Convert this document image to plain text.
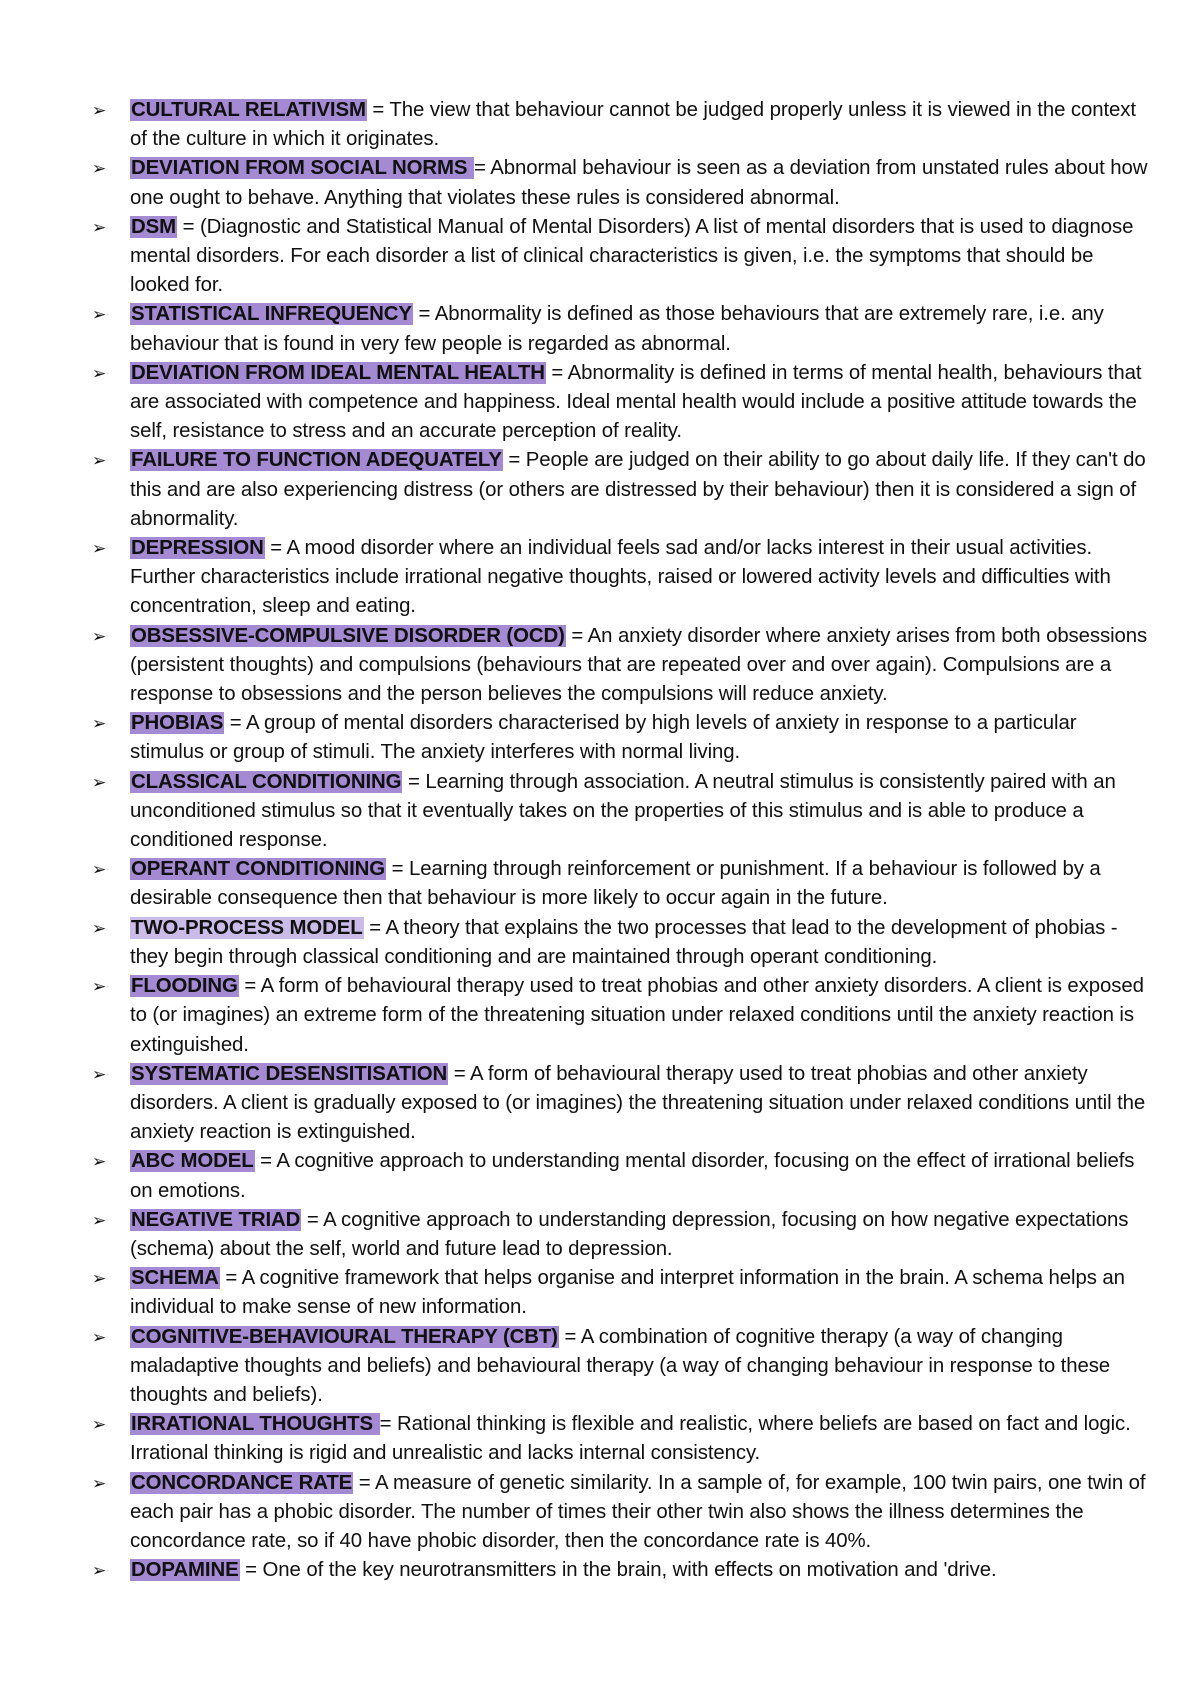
➢	CULTURAL RELATIVISM = The view that behaviour cannot be judged properly unless it is viewed in the context of the culture in which it originates.
➢	DEVIATION FROM SOCIAL NORMS = Abnormal behaviour is seen as a deviation from unstated rules about how one ought to behave. Anything that violates these rules is considered abnormal.
➢	DSM = (Diagnostic and Statistical Manual of Mental Disorders) A list of mental disorders that is used to diagnose mental disorders. For each disorder a list of clinical characteristics is given, i.e. the symptoms that should be looked for.
➢	STATISTICAL INFREQUENCY = Abnormality is defined as those behaviours that are extremely rare, i.e. any behaviour that is found in very few people is regarded as abnormal.
➢	DEVIATION FROM IDEAL MENTAL HEALTH = Abnormality is defined in terms of mental health, behaviours that are associated with competence and happiness. Ideal mental health would include a positive attitude towards the self, resistance to stress and an accurate perception of reality.
➢	FAILURE TO FUNCTION ADEQUATELY = People are judged on their ability to go about daily life. If they can't do this and are also experiencing distress (or others are distressed by their behaviour) then it is considered a sign of abnormality.
➢	DEPRESSION = A mood disorder where an individual feels sad and/or lacks interest in their usual activities. Further characteristics include irrational negative thoughts, raised or lowered activity levels and difficulties with concentration, sleep and eating.
➢	OBSESSIVE-COMPULSIVE DISORDER (OCD) = An anxiety disorder where anxiety arises from both obsessions (persistent thoughts) and compulsions (behaviours that are repeated over and over again). Compulsions are a response to obsessions and the person believes the compulsions will reduce anxiety.
➢	PHOBIAS = A group of mental disorders characterised by high levels of anxiety in response to a particular stimulus or group of stimuli. The anxiety interferes with normal living.
➢	CLASSICAL CONDITIONING = Learning through association. A neutral stimulus is consistently paired with an unconditioned stimulus so that it eventually takes on the properties of this stimulus and is able to produce a conditioned response.
➢	OPERANT CONDITIONING = Learning through reinforcement or punishment. If a behaviour is followed by a desirable consequence then that behaviour is more likely to occur again in the future.
➢	TWO-PROCESS MODEL = A theory that explains the two processes that lead to the development of phobias - they begin through classical conditioning and are maintained through operant conditioning.
➢	FLOODING = A form of behavioural therapy used to treat phobias and other anxiety disorders. A client is exposed to (or imagines) an extreme form of the threatening situation under relaxed conditions until the anxiety reaction is extinguished.
➢	SYSTEMATIC DESENSITISATION = A form of behavioural therapy used to treat phobias and other anxiety disorders. A client is gradually exposed to (or imagines) the threatening situation under relaxed conditions until the anxiety reaction is extinguished.
➢	ABC MODEL = A cognitive approach to understanding mental disorder, focusing on the effect of irrational beliefs on emotions.
➢	NEGATIVE TRIAD = A cognitive approach to understanding depression, focusing on how negative expectations (schema) about the self, world and future lead to depression.
➢	SCHEMA = A cognitive framework that helps organise and interpret information in the brain. A schema helps an individual to make sense of new information.
➢	COGNITIVE-BEHAVIOURAL THERAPY (CBT) = A combination of cognitive therapy (a way of changing maladaptive thoughts and beliefs) and behavioural therapy (a way of changing behaviour in response to these thoughts and beliefs).
➢	IRRATIONAL THOUGHTS = Rational thinking is flexible and realistic, where beliefs are based on fact and logic. Irrational thinking is rigid and unrealistic and lacks internal consistency.
➢	CONCORDANCE RATE = A measure of genetic similarity. In a sample of, for example, 100 twin pairs, one twin of each pair has a phobic disorder. The number of times their other twin also shows the illness determines the concordance rate, so if 40 have phobic disorder, then the concordance rate is 40%.
➢	DOPAMINE = One of the key neurotransmitters in the brain, with effects on motivation and 'drive.
